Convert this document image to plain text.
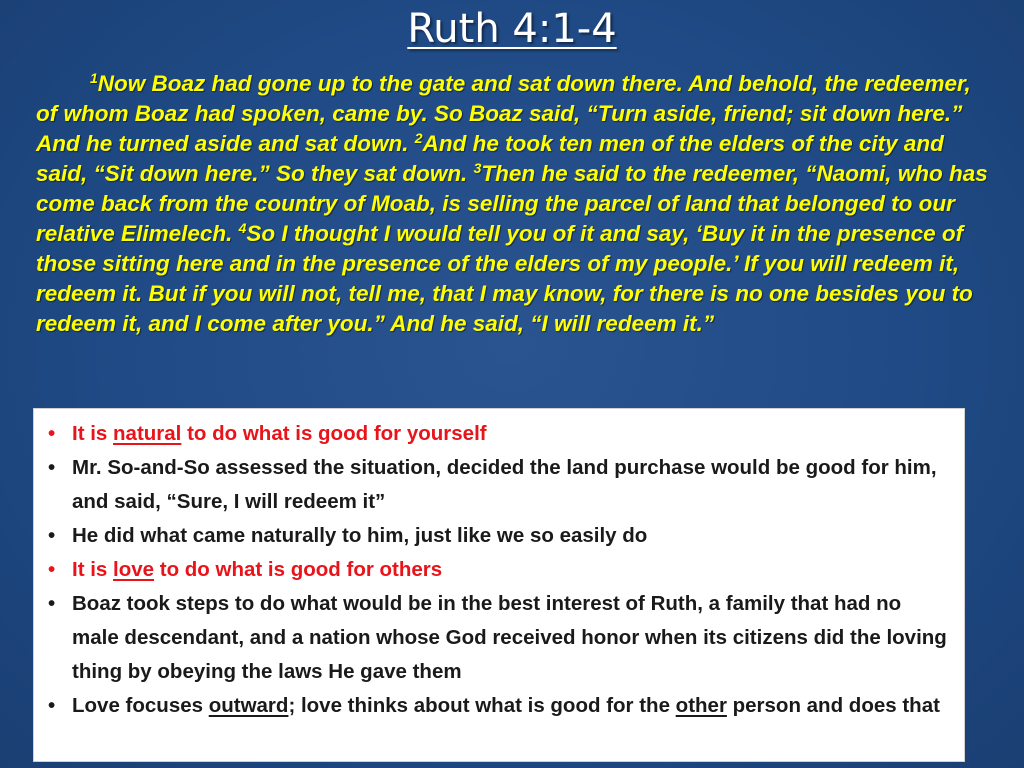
Ruth 4:1-4
$^1$Now Boaz had gone up to the gate and sat down there. And behold, the redeemer, of whom Boaz had spoken, came by. So Boaz said, “Turn aside, friend; sit down here.” And he turned aside and sat down. $^2$And he took ten men of the elders of the city and said, “Sit down here.” So they sat down. $^3$Then he said to the redeemer, “Naomi, who has come back from the country of Moab, is selling the parcel of land that belonged to our relative Elimelech. $^4$So I thought I would tell you of it and say, ‘Buy it in the presence of those sitting here and in the presence of the elders of my people.’ If you will redeem it, redeem it. But if you will not, tell me, that I may know, for there is no one besides you to redeem it, and I come after you.” And he said, “I will redeem it.”
• It is natural to do what is good for yourself
• Mr. So-and-So assessed the situation, decided the land purchase would be good for him, and said, “Sure, I will redeem it”
• He did what came naturally to him, just like we so easily do
• It is love to do what is good for others
• Boaz took steps to do what would be in the best interest of Ruth, a family that had no male descendant, and a nation whose God received honor when its citizens did the loving thing by obeying the laws He gave them
• Love focuses outward; love thinks about what is good for the other person and does that
